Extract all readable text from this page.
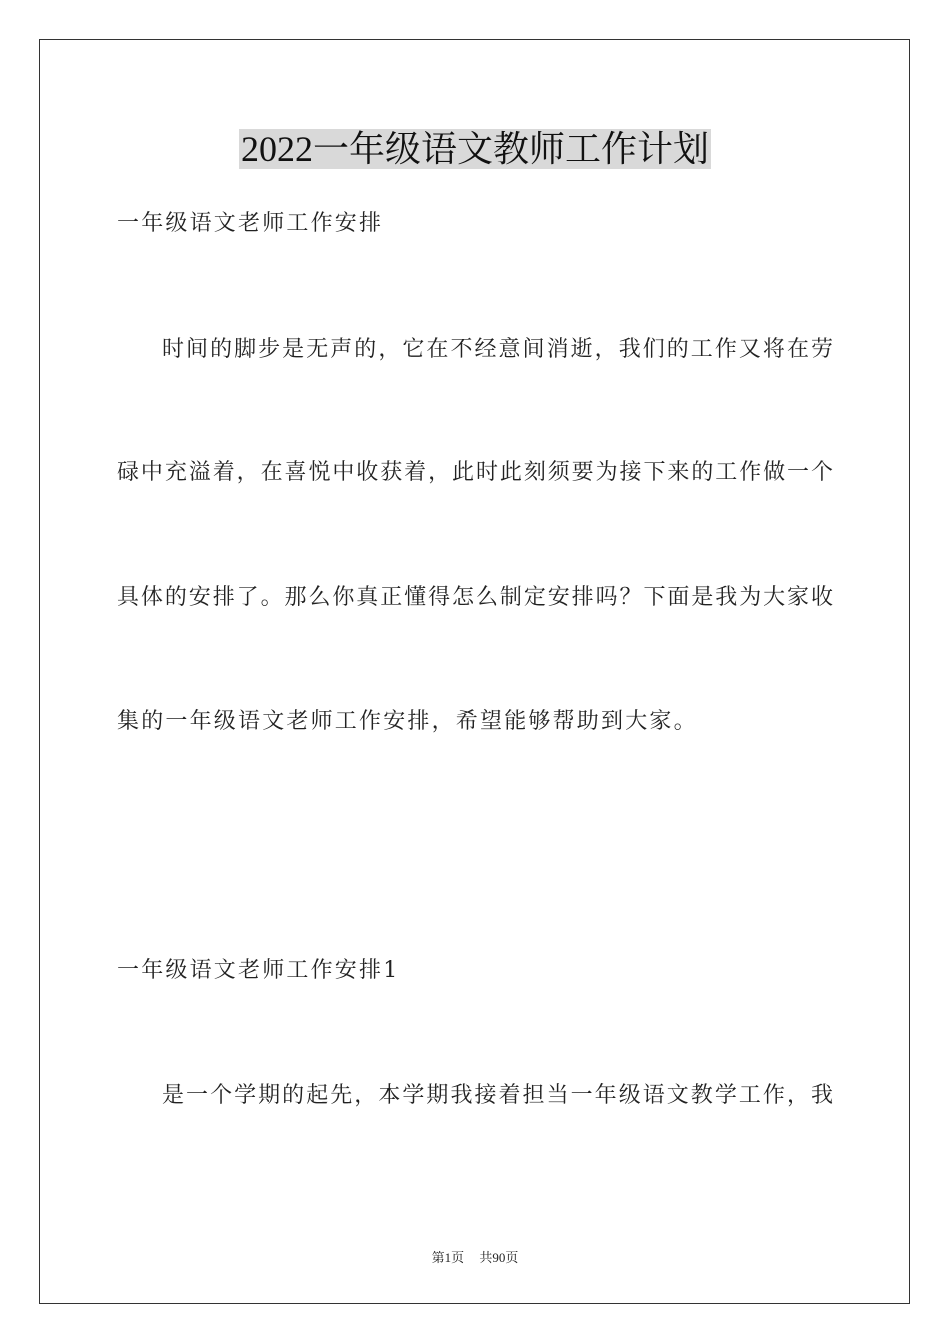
2022一年级语文教师工作计划

一年级语文老师工作安排

时间的脚步是无声的，它在不经意间消逝，我们的工作又将在劳

碌中充溢着，在喜悦中收获着，此时此刻须要为接下来的工作做一个

具体的安排了。那么你真正懂得怎么制定安排吗？下面是我为大家收

集的一年级语文老师工作安排，希望能够帮助到大家。

一年级语文老师工作安排1

是一个学期的起先，本学期我接着担当一年级语文教学工作，我

第1页 共90页
